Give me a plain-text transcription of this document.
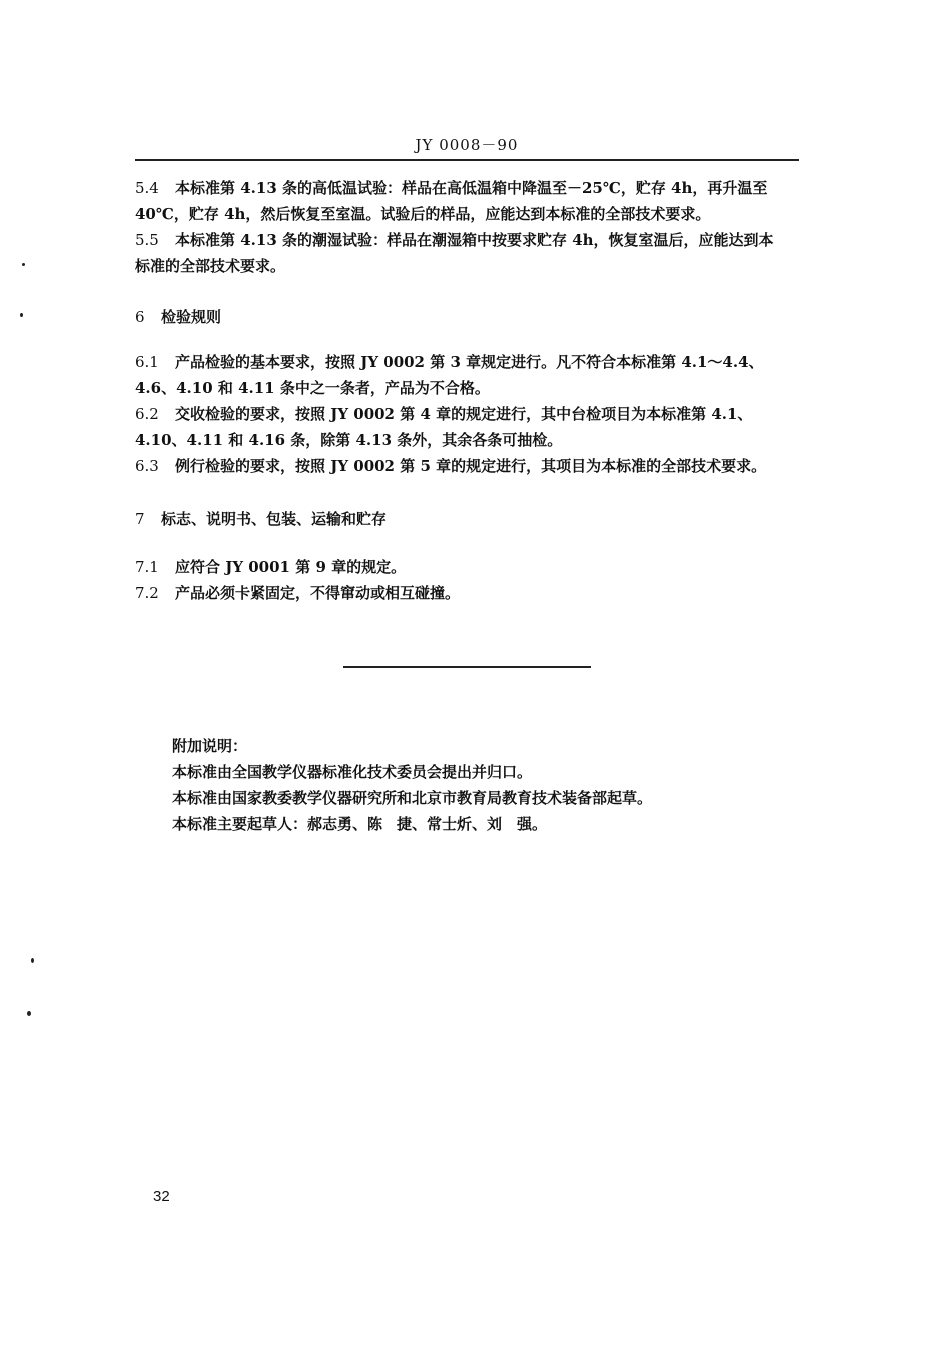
JY 0008－90
5.4 本标准第 4.13 条的高低温试验：样品在高低温箱中降温至－25℃，贮存 4h，再升温至
40℃，贮存 4h，然后恢复至室温。试验后的样品，应能达到本标准的全部技术要求。
5.5 本标准第 4.13 条的潮湿试验：样品在潮湿箱中按要求贮存 4h，恢复室温后，应能达到本
标准的全部技术要求。
6 检验规则
6.1 产品检验的基本要求，按照 JY 0002 第 3 章规定进行。凡不符合本标准第 4.1～4.4、
4.6、4.10 和 4.11 条中之一条者，产品为不合格。
6.2 交收检验的要求，按照 JY 0002 第 4 章的规定进行，其中台检项目为本标准第 4.1、
4.10、4.11 和 4.16 条，除第 4.13 条外，其余各条可抽检。
6.3 例行检验的要求，按照 JY 0002 第 5 章的规定进行，其项目为本标准的全部技术要求。
7 标志、说明书、包装、运输和贮存
7.1 应符合 JY 0001 第 9 章的规定。
7.2 产品必须卡紧固定，不得窜动或相互碰撞。
附加说明：
本标准由全国教学仪器标准化技术委员会提出并归口。
本标准由国家教委教学仪器研究所和北京市教育局教育技术装备部起草。
本标准主要起草人：郝志勇、陈　捷、常士炘、刘　强。
32
